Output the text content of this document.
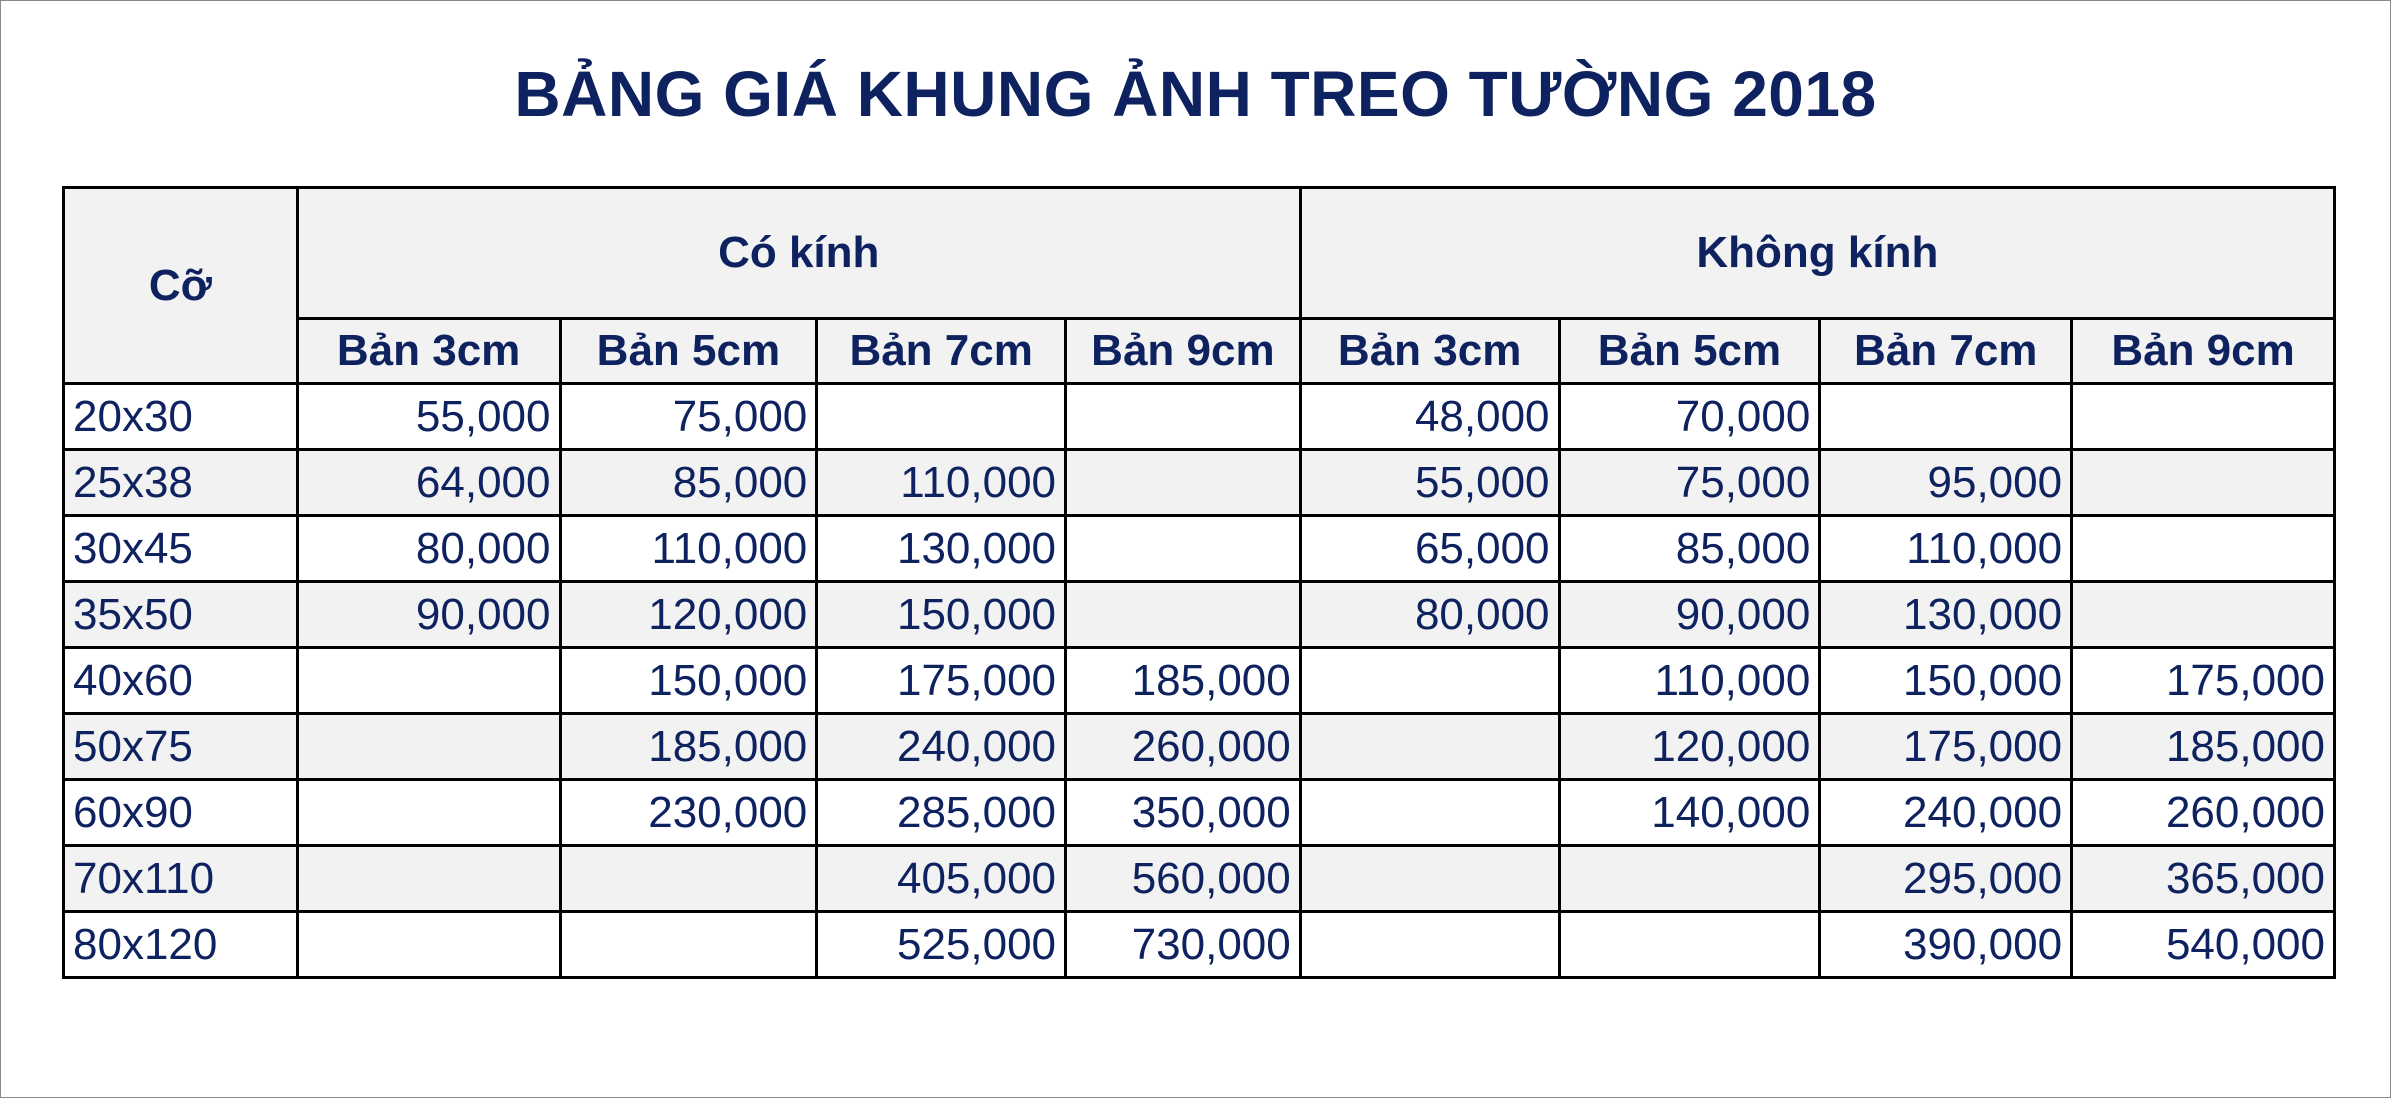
BẢNG GIÁ KHUNG ẢNH TREO TƯỜNG 2018
Cỡ	Có kính				Không kính			
	Bản 3cm	Bản 5cm	Bản 7cm	Bản 9cm	Bản 3cm	Bản 5cm	Bản 7cm	Bản 9cm
20x30	55,000	75,000			48,000	70,000		
25x38	64,000	85,000	110,000		55,000	75,000	95,000	
30x45	80,000	110,000	130,000		65,000	85,000	110,000	
35x50	90,000	120,000	150,000		80,000	90,000	130,000	
40x60		150,000	175,000	185,000		110,000	150,000	175,000
50x75		185,000	240,000	260,000		120,000	175,000	185,000
60x90		230,000	285,000	350,000		140,000	240,000	260,000
70x110			405,000	560,000			295,000	365,000
80x120			525,000	730,000			390,000	540,000
